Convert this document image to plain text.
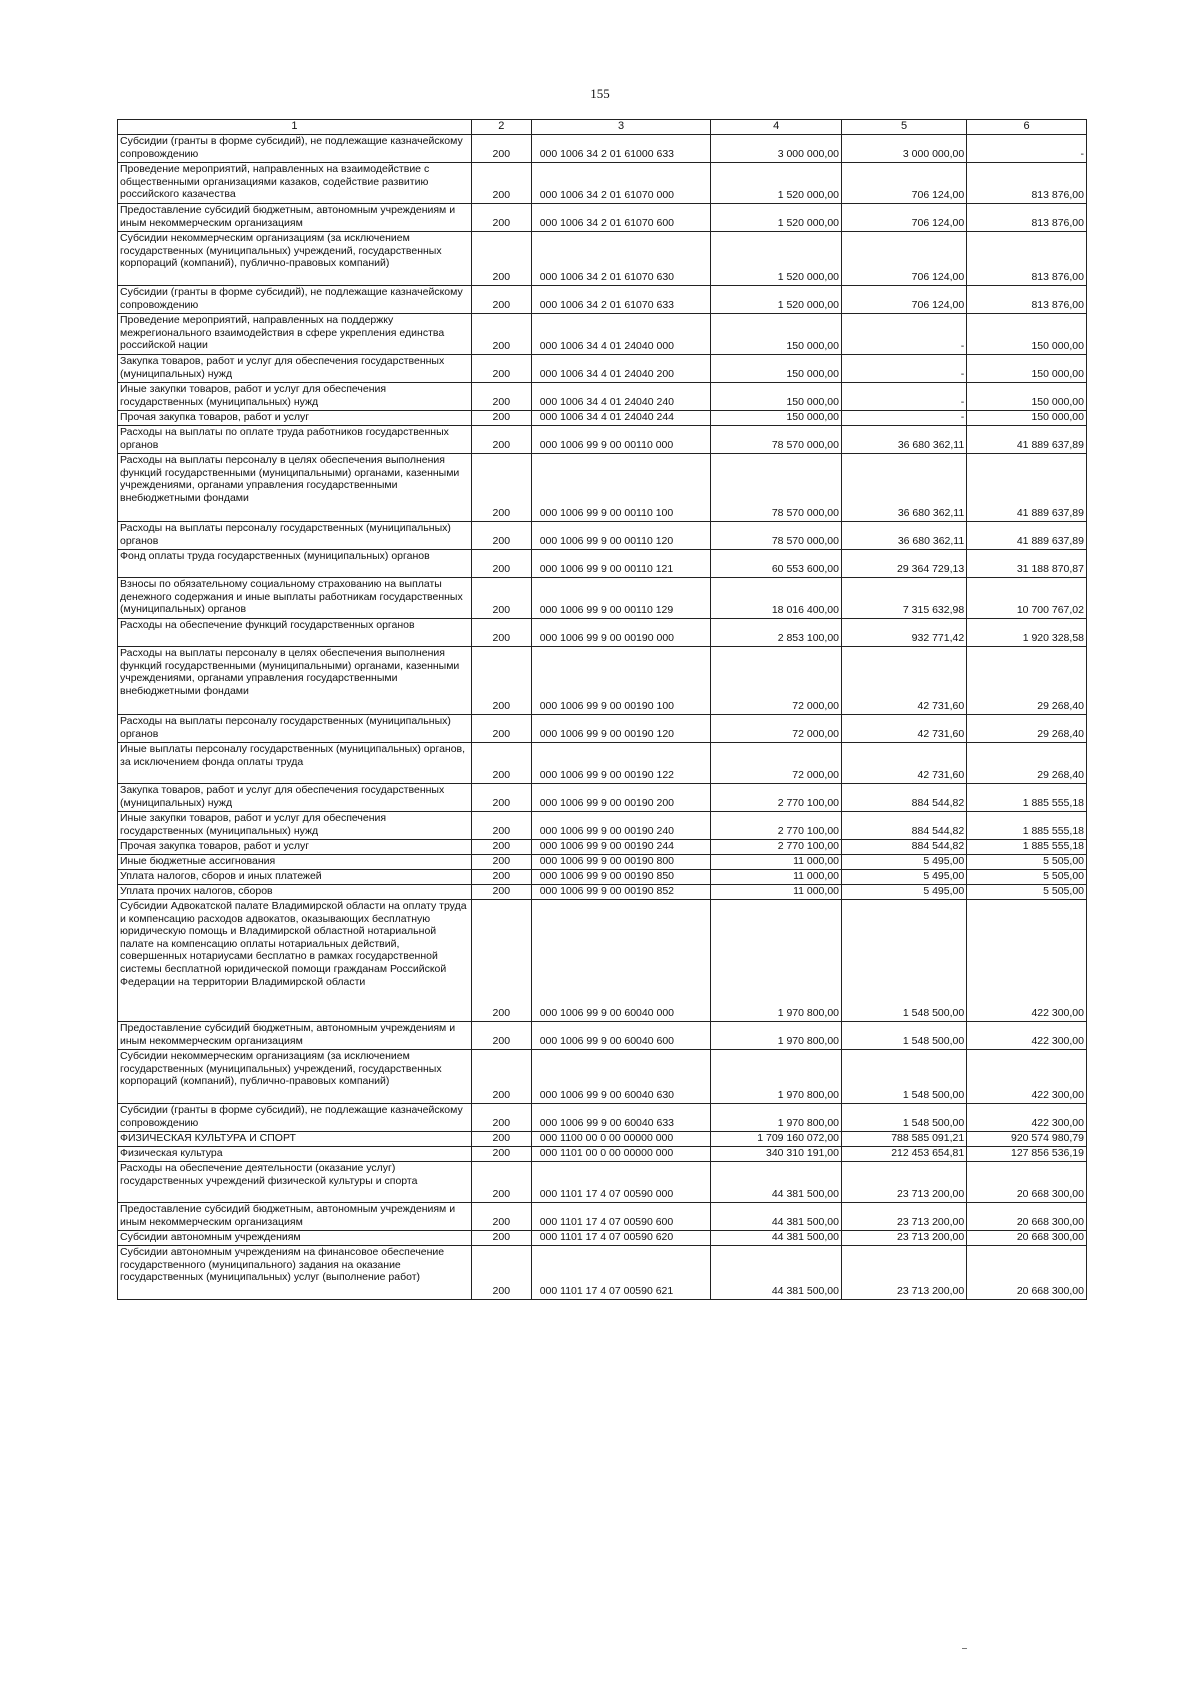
155
1	2	3	4	5	6
Субсидии (гранты в форме субсидий), не подлежащие казначейскому сопровождению	200	000 1006 34 2 01 61000 633	3 000 000,00	3 000 000,00	-
Проведение мероприятий, направленных на взаимодействие с общественными организациями казаков, содействие развитию российского казачества	200	000 1006 34 2 01 61070 000	1 520 000,00	706 124,00	813 876,00
Предоставление субсидий бюджетным, автономным учреждениям и иным некоммерческим организациям	200	000 1006 34 2 01 61070 600	1 520 000,00	706 124,00	813 876,00
Субсидии некоммерческим организациям (за исключением государственных (муниципальных) учреждений, государственных корпораций (компаний), публично-правовых компаний)	200	000 1006 34 2 01 61070 630	1 520 000,00	706 124,00	813 876,00
Субсидии (гранты в форме субсидий), не подлежащие казначейскому сопровождению	200	000 1006 34 2 01 61070 633	1 520 000,00	706 124,00	813 876,00
Проведение мероприятий, направленных на поддержку межрегионального взаимодействия в сфере укрепления единства российской нации	200	000 1006 34 4 01 24040 000	150 000,00	-	150 000,00
Закупка товаров, работ и услуг для обеспечения государственных (муниципальных) нужд	200	000 1006 34 4 01 24040 200	150 000,00	-	150 000,00
Иные закупки товаров, работ и услуг для обеспечения государственных (муниципальных) нужд	200	000 1006 34 4 01 24040 240	150 000,00	-	150 000,00
Прочая закупка товаров, работ и услуг	200	000 1006 34 4 01 24040 244	150 000,00	-	150 000,00
Расходы на выплаты по оплате труда работников государственных органов	200	000 1006 99 9 00 00110 000	78 570 000,00	36 680 362,11	41 889 637,89
Расходы на выплаты персоналу в целях обеспечения выполнения функций государственными (муниципальными) органами, казенными учреждениями, органами управления государственными внебюджетными фондами	200	000 1006 99 9 00 00110 100	78 570 000,00	36 680 362,11	41 889 637,89
Расходы на выплаты персоналу государственных (муниципальных) органов	200	000 1006 99 9 00 00110 120	78 570 000,00	36 680 362,11	41 889 637,89
Фонд оплаты труда государственных (муниципальных) органов	200	000 1006 99 9 00 00110 121	60 553 600,00	29 364 729,13	31 188 870,87
Взносы по обязательному социальному страхованию на выплаты денежного содержания и иные выплаты работникам государственных (муниципальных) органов	200	000 1006 99 9 00 00110 129	18 016 400,00	7 315 632,98	10 700 767,02
Расходы на обеспечение функций государственных органов	200	000 1006 99 9 00 00190 000	2 853 100,00	932 771,42	1 920 328,58
Расходы на выплаты персоналу в целях обеспечения выполнения функций государственными (муниципальными) органами, казенными учреждениями, органами управления государственными внебюджетными фондами	200	000 1006 99 9 00 00190 100	72 000,00	42 731,60	29 268,40
Расходы на выплаты персоналу государственных (муниципальных) органов	200	000 1006 99 9 00 00190 120	72 000,00	42 731,60	29 268,40
Иные выплаты персоналу государственных (муниципальных) органов, за исключением фонда оплаты труда	200	000 1006 99 9 00 00190 122	72 000,00	42 731,60	29 268,40
Закупка товаров, работ и услуг для обеспечения государственных (муниципальных) нужд	200	000 1006 99 9 00 00190 200	2 770 100,00	884 544,82	1 885 555,18
Иные закупки товаров, работ и услуг для обеспечения государственных (муниципальных) нужд	200	000 1006 99 9 00 00190 240	2 770 100,00	884 544,82	1 885 555,18
Прочая закупка товаров, работ и услуг	200	000 1006 99 9 00 00190 244	2 770 100,00	884 544,82	1 885 555,18
Иные бюджетные ассигнования	200	000 1006 99 9 00 00190 800	11 000,00	5 495,00	5 505,00
Уплата налогов, сборов и иных платежей	200	000 1006 99 9 00 00190 850	11 000,00	5 495,00	5 505,00
Уплата прочих налогов, сборов	200	000 1006 99 9 00 00190 852	11 000,00	5 495,00	5 505,00
Субсидии Адвокатской палате Владимирской области на оплату труда и компенсацию расходов адвокатов, оказывающих бесплатную юридическую помощь и Владимирской областной нотариальной палате на компенсацию оплаты нотариальных действий, совершенных нотариусами бесплатно в рамках государственной системы бесплатной юридической помощи гражданам Российской Федерации на территории Владимирской области	200	000 1006 99 9 00 60040 000	1 970 800,00	1 548 500,00	422 300,00
Предоставление субсидий бюджетным, автономным учреждениям и иным некоммерческим организациям	200	000 1006 99 9 00 60040 600	1 970 800,00	1 548 500,00	422 300,00
Субсидии некоммерческим организациям (за исключением государственных (муниципальных) учреждений, государственных корпораций (компаний), публично-правовых компаний)	200	000 1006 99 9 00 60040 630	1 970 800,00	1 548 500,00	422 300,00
Субсидии (гранты в форме субсидий), не подлежащие казначейскому сопровождению	200	000 1006 99 9 00 60040 633	1 970 800,00	1 548 500,00	422 300,00
ФИЗИЧЕСКАЯ КУЛЬТУРА И СПОРТ	200	000 1100 00 0 00 00000 000	1 709 160 072,00	788 585 091,21	920 574 980,79
Физическая культура	200	000 1101 00 0 00 00000 000	340 310 191,00	212 453 654,81	127 856 536,19
Расходы на обеспечение деятельности (оказание услуг) государственных учреждений физической культуры и спорта	200	000 1101 17 4 07 00590 000	44 381 500,00	23 713 200,00	20 668 300,00
Предоставление субсидий бюджетным, автономным учреждениям и иным некоммерческим организациям	200	000 1101 17 4 07 00590 600	44 381 500,00	23 713 200,00	20 668 300,00
Субсидии автономным учреждениям	200	000 1101 17 4 07 00590 620	44 381 500,00	23 713 200,00	20 668 300,00
Субсидии автономным учреждениям на финансовое обеспечение государственного (муниципального) задания на оказание государственных (муниципальных) услуг (выполнение работ)	200	000 1101 17 4 07 00590 621	44 381 500,00	23 713 200,00	20 668 300,00
